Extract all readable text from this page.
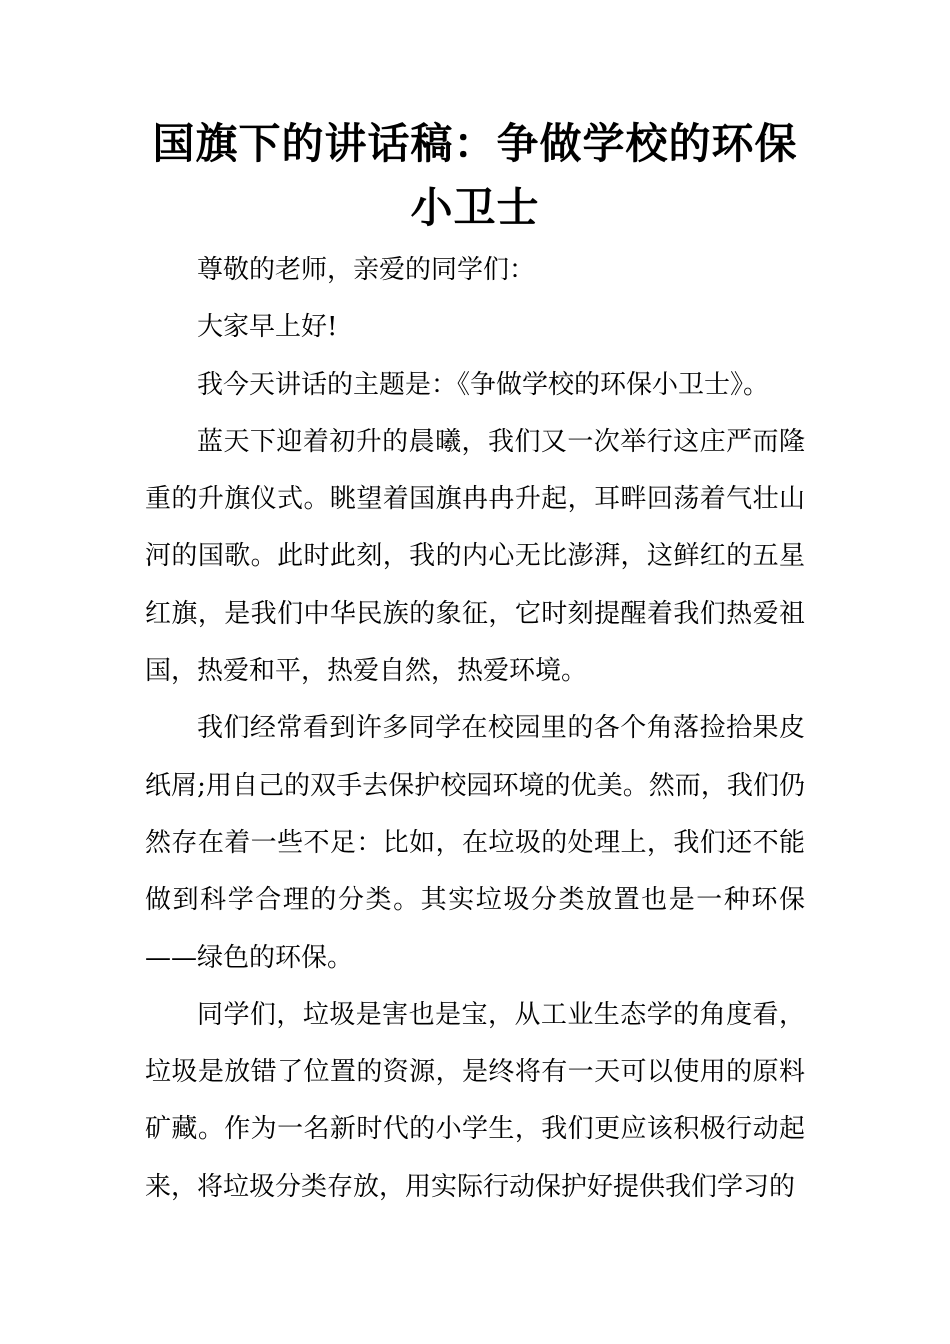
国旗下的讲话稿：争做学校的环保小卫士

尊敬的老师，亲爱的同学们：

大家早上好!

我今天讲话的主题是：《争做学校的环保小卫士》。

蓝天下迎着初升的晨曦，我们又一次举行这庄严而隆重的升旗仪式。眺望着国旗冉冉升起，耳畔回荡着气壮山河的国歌。此时此刻，我的内心无比澎湃，这鲜红的五星红旗，是我们中华民族的象征，它时刻提醒着我们热爱祖国，热爱和平，热爱自然，热爱环境。

我们经常看到许多同学在校园里的各个角落捡拾果皮纸屑;用自己的双手去保护校园环境的优美。然而，我们仍然存在着一些不足：比如，在垃圾的处理上，我们还不能做到科学合理的分类。其实垃圾分类放置也是一种环保——绿色的环保。

同学们，垃圾是害也是宝，从工业生态学的角度看，垃圾是放错了位置的资源，是终将有一天可以使用的原料矿藏。作为一名新时代的小学生，我们更应该积极行动起来，将垃圾分类存放，用实际行动保护好提供我们学习的
